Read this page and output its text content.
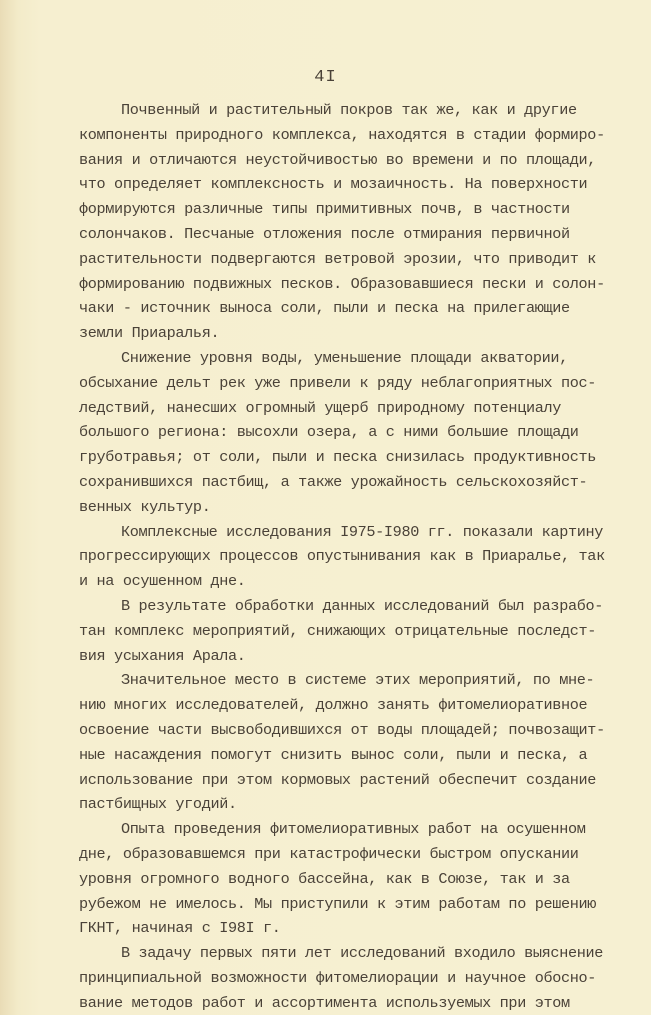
4I
Почвенный и растительный покров так же, как и другие
компоненты природного комплекса, находятся в стадии формиро-
вания и отличаются неустойчивостью во времени и по площади,
что определяет комплексность и мозаичность. На поверхности
формируются различные типы примитивных почв, в частности
солончаков. Песчаные отложения после отмирания первичной
растительности подвергаются ветровой эрозии, что приводит к
формированию подвижных песков. Образовавшиеся пески и солон-
чаки - источник выноса соли, пыли и песка на прилегающие
земли Приаралья.
Снижение уровня воды, уменьшение площади акватории,
обсыхание дельт рек уже привели к ряду неблагоприятных пос-
ледствий, нанесших огромный ущерб природному потенциалу
большого региона: высохли озера, а с ними большие площади
груботравья; от соли, пыли и песка снизилась продуктивность
сохранившихся пастбищ, а также урожайность сельскохозяйст-
венных культур.
Комплексные исследования I975-I980 гг. показали картину
прогрессирующих процессов опустынивания как в Приаралье, так
и на осушенном дне.
В результате обработки данных исследований был разрабо-
тан комплекс мероприятий, снижающих отрицательные последст-
вия усыхания Арала.
Значительное место в системе этих мероприятий, по мне-
нию многих исследователей, должно занять фитомелиоративное
освоение части высвободившихся от воды площадей; почвозащит-
ные насаждения помогут снизить вынос соли, пыли и песка, а
использование при этом кормовых растений обеспечит создание
пастбищных угодий.
Опыта проведения фитомелиоративных работ на осушенном
дне, образовавшемся при катастрофически быстром опускании
уровня огромного водного бассейна, как в Союзе, так и за
рубежом не имелось. Мы приступили к этим работам по решению
ГКНТ, начиная с I98I г.
В задачу первых пяти лет исследований входило выяснение
принципиальной возможности фитомелиорации и научное обосно-
вание методов работ и ассортимента используемых при этом
